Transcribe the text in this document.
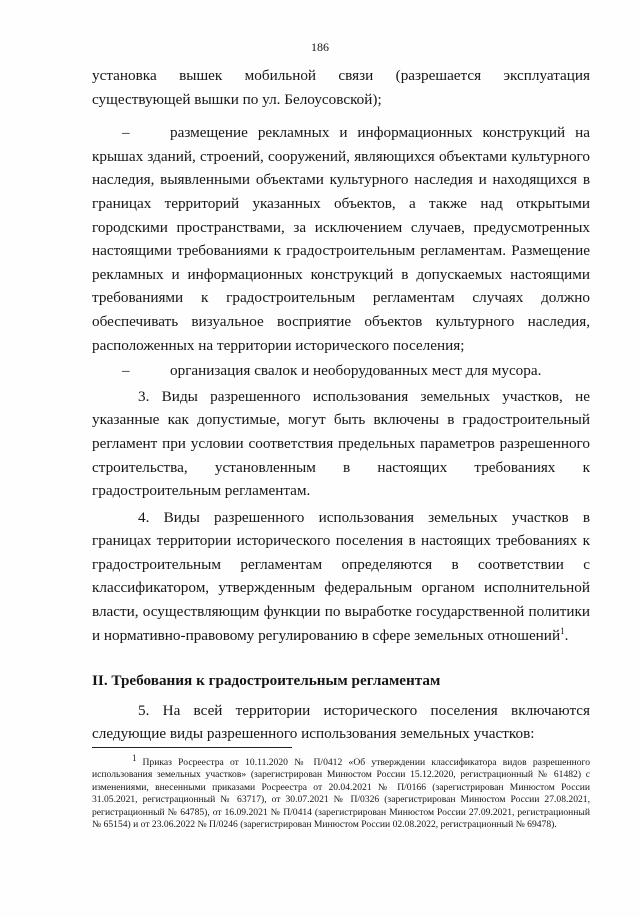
186

установка вышек мобильной связи (разрешается эксплуатация существующей вышки по ул. Белоусовской);

–	размещение рекламных и информационных конструкций на крышах зданий, строений, сооружений, являющихся объектами культурного наследия, выявленными объектами культурного наследия и находящихся в границах территорий указанных объектов, а также над открытыми городскими пространствами, за исключением случаев, предусмотренных настоящими требованиями к градостроительным регламентам. Размещение рекламных и информационных конструкций в допускаемых настоящими требованиями к градостроительным регламентам случаях должно обеспечивать визуальное восприятие объектов культурного наследия, расположенных на территории исторического поселения;

–	организация свалок и необорудованных мест для мусора.

3. Виды разрешенного использования земельных участков, не указанные как допустимые, могут быть включены в градостроительный регламент при условии соответствия предельных параметров разрешенного строительства, установленным в настоящих требованиях к градостроительным регламентам.

4. Виды разрешенного использования земельных участков в границах территории исторического поселения в настоящих требованиях к градостроительным регламентам определяются в соответствии с классификатором, утвержденным федеральным органом исполнительной власти, осуществляющим функции по выработке государственной политики и нормативно-правовому регулированию в сфере земельных отношений$^1$.

II. Требования к градостроительным регламентам

5. На всей территории исторического поселения включаются следующие виды разрешенного использования земельных участков:

1 Приказ Росреестра от 10.11.2020 № П/0412 «Об утверждении классификатора видов разрешенного использования земельных участков» (зарегистрирован Минюстом России 15.12.2020, регистрационный № 61482) с изменениями, внесенными приказами Росреестра от 20.04.2021 № П/0166 (зарегистрирован Минюстом России 31.05.2021, регистрационный № 63717), от 30.07.2021 № П/0326 (зарегистрирован Минюстом России 27.08.2021, регистрационный № 64785), от 16.09.2021 № П/0414 (зарегистрирован Минюстом России 27.09.2021, регистрационный № 65154) и от 23.06.2022 № П/0246 (зарегистрирован Минюстом России 02.08.2022, регистрационный № 69478).
